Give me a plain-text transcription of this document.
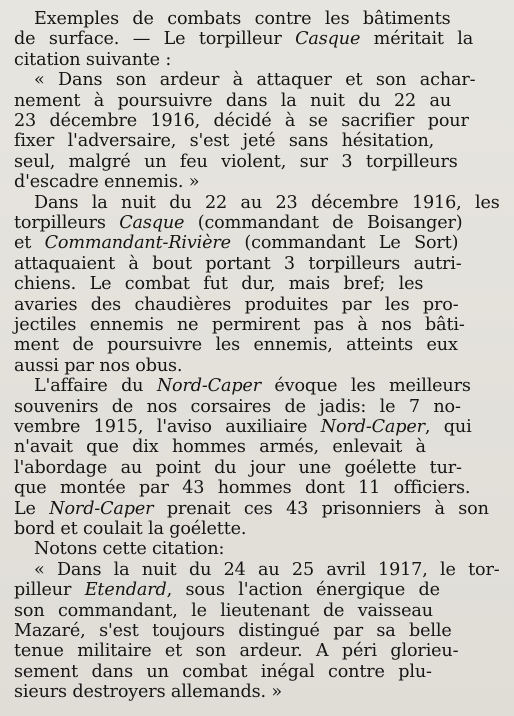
Exemples de combats contre les bâtiments
de surface. — Le torpilleur Casque méritait la
citation suivante :
« Dans son ardeur à attaquer et son achar-
nement à poursuivre dans la nuit du 22 au
23 décembre 1916, décidé à se sacrifier pour
fixer l'adversaire, s'est jeté sans hésitation,
seul, malgré un feu violent, sur 3 torpilleurs
d'escadre ennemis. »
Dans la nuit du 22 au 23 décembre 1916, les
torpilleurs Casque (commandant de Boisanger)
et Commandant-Rivière (commandant Le Sort)
attaquaient à bout portant 3 torpilleurs autri-
chiens. Le combat fut dur, mais bref; les
avaries des chaudières produites par les pro-
jectiles ennemis ne permirent pas à nos bâti-
ment de poursuivre les ennemis, atteints eux
aussi par nos obus.
L'affaire du Nord-Caper évoque les meilleurs
souvenirs de nos corsaires de jadis: le 7 no-
vembre 1915, l'aviso auxiliaire Nord-Caper, qui
n'avait que dix hommes armés, enlevait à
l'abordage au point du jour une goélette tur-
que montée par 43 hommes dont 11 officiers.
Le Nord-Caper prenait ces 43 prisonniers à son
bord et coulait la goélette.
Notons cette citation:
« Dans la nuit du 24 au 25 avril 1917, le tor-
pilleur Etendard, sous l'action énergique de
son commandant, le lieutenant de vaisseau
Mazaré, s'est toujours distingué par sa belle
tenue militaire et son ardeur. A péri glorieu-
sement dans un combat inégal contre plu-
sieurs destroyers allemands. »
